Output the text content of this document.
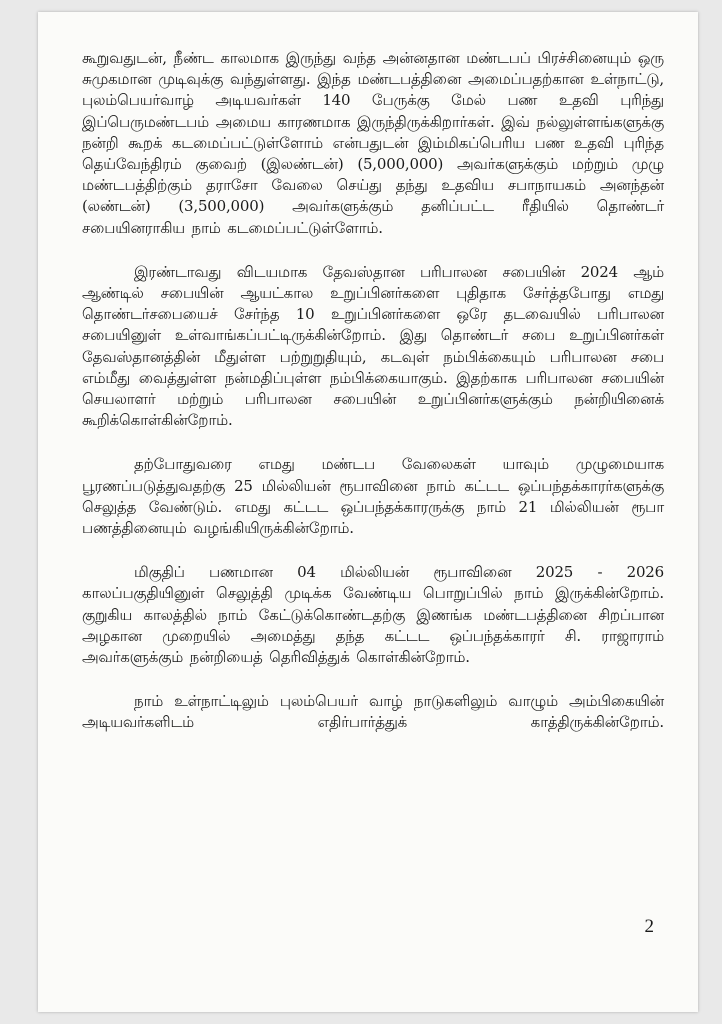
கூறுவதுடன், நீண்ட காலமாக இருந்து வந்த அன்னதான மண்டபப் பிரச்சினையும் ஒரு சுமுகமான முடிவுக்கு வந்துள்ளது. இந்த மண்டபத்தினை அமைப்பதற்கான உள்நாட்டு, புலம்பெயர்வாழ் அடியவர்கள் 140 பேருக்கு மேல் பண உதவி புரிந்து இப்பெருமண்டபம் அமைய காரணமாக இருந்திருக்கிறார்கள். இவ் நல்லுள்ளங்களுக்கு நன்றி கூறக் கடமைப்பட்டுள்ளோம் என்பதுடன் இம்மிகப்பெரிய பண உதவி புரிந்த தெய்வேந்திரம் குவைற் (இலண்டன்) (5,000,000) அவர்களுக்கும் மற்றும் முழு மண்டபத்திற்கும் தராசோ வேலை செய்து தந்து உதவிய சபாநாயகம் அனந்தன் (லண்டன்) (3,500,000) அவர்களுக்கும் தனிப்பட்ட ரீதியில் தொண்டர் சபையினராகிய நாம் கடமைப்பட்டுள்ளோம்.

இரண்டாவது விடயமாக தேவஸ்தான பரிபாலன சபையின் 2024 ஆம் ஆண்டில் சபையின் ஆயட்கால உறுப்பினர்களை புதிதாக சேர்த்தபோது எமது தொண்டர்சபையைச் சேர்ந்த 10 உறுப்பினர்களை ஒரே தடவையில் பரிபாலன சபையினுள் உள்வாங்கப்பட்டிருக்கின்றோம். இது தொண்டர் சபை உறுப்பினர்கள் தேவஸ்தானத்தின் மீதுள்ள பற்றுறுதியும், கடவுள் நம்பிக்கையும் பரிபாலன சபை எம்மீது வைத்துள்ள நன்மதிப்புள்ள நம்பிக்கையாகும். இதற்காக பரிபாலன சபையின் செயலாளர் மற்றும் பரிபாலன சபையின் உறுப்பினர்களுக்கும் நன்றியினைக் கூறிக்கொள்கின்றோம்.

தற்போதுவரை எமது மண்டப வேலைகள் யாவும் முழுமையாக பூரணப்படுத்துவதற்கு 25 மில்லியன் ரூபாவினை நாம் கட்டட ஒப்பந்தக்காரர்களுக்கு செலுத்த வேண்டும். எமது கட்டட ஒப்பந்தக்காரருக்கு நாம் 21 மில்லியன் ரூபா பணத்தினையும் வழங்கியிருக்கின்றோம்.

மிகுதிப் பணமான 04 மில்லியன் ரூபாவினை 2025 - 2026 காலப்பகுதியினுள் செலுத்தி முடிக்க வேண்டிய பொறுப்பில் நாம் இருக்கின்றோம். குறுகிய காலத்தில் நாம் கேட்டுக்கொண்டதற்கு இணங்க மண்டபத்தினை சிறப்பான அழகான முறையில் அமைத்து தந்த கட்டட ஒப்பந்தக்காரர் சி. ராஜாராம் அவர்களுக்கும் நன்றியைத் தெரிவித்துக் கொள்கின்றோம்.

நாம் உள்நாட்டிலும் புலம்பெயர் வாழ் நாடுகளிலும் வாழும் அம்பிகையின் அடியவர்களிடம் எதிர்பார்த்துக் காத்திருக்கின்றோம்.

2
